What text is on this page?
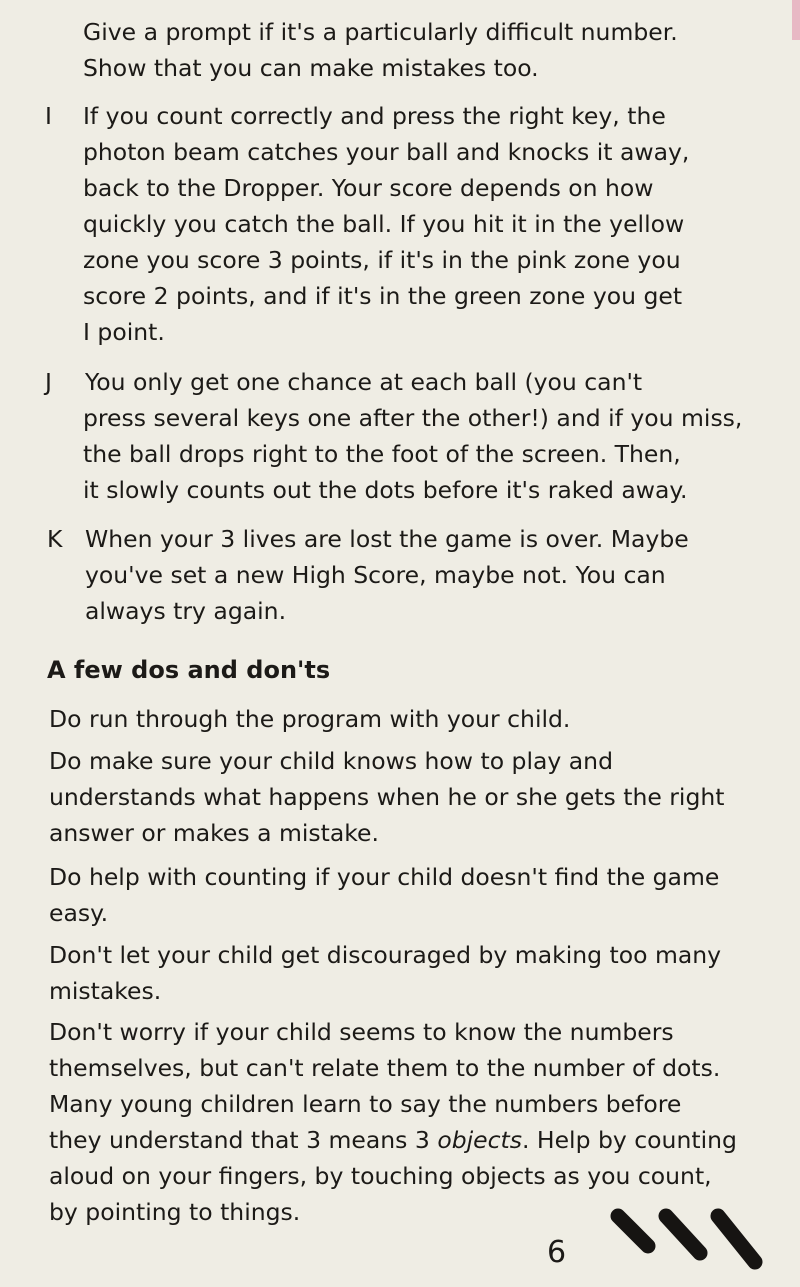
Give a prompt if it's a particularly difficult number.
Show that you can make mistakes too.
I If you count correctly and press the right key, the
photon beam catches your ball and knocks it away,
back to the Dropper. Your score depends on how
quickly you catch the ball. If you hit it in the yellow
zone you score 3 points, if it's in the pink zone you
score 2 points, and if it's in the green zone you get
I point.
J You only get one chance at each ball (you can't
press several keys one after the other!) and if you miss,
the ball drops right to the foot of the screen. Then,
it slowly counts out the dots before it's raked away.
K When your 3 lives are lost the game is over. Maybe
you've set a new High Score, maybe not. You can
always try again.
A few dos and don'ts
Do run through the program with your child.
Do make sure your child knows how to play and
understands what happens when he or she gets the right
answer or makes a mistake.
Do help with counting if your child doesn't find the game
easy.
Don't let your child get discouraged by making too many
mistakes.
Don't worry if your child seems to know the numbers
themselves, but can't relate them to the number of dots.
Many young children learn to say the numbers before
they understand that 3 means 3 objects. Help by counting
aloud on your fingers, by touching objects as you count,
by pointing to things.
6
